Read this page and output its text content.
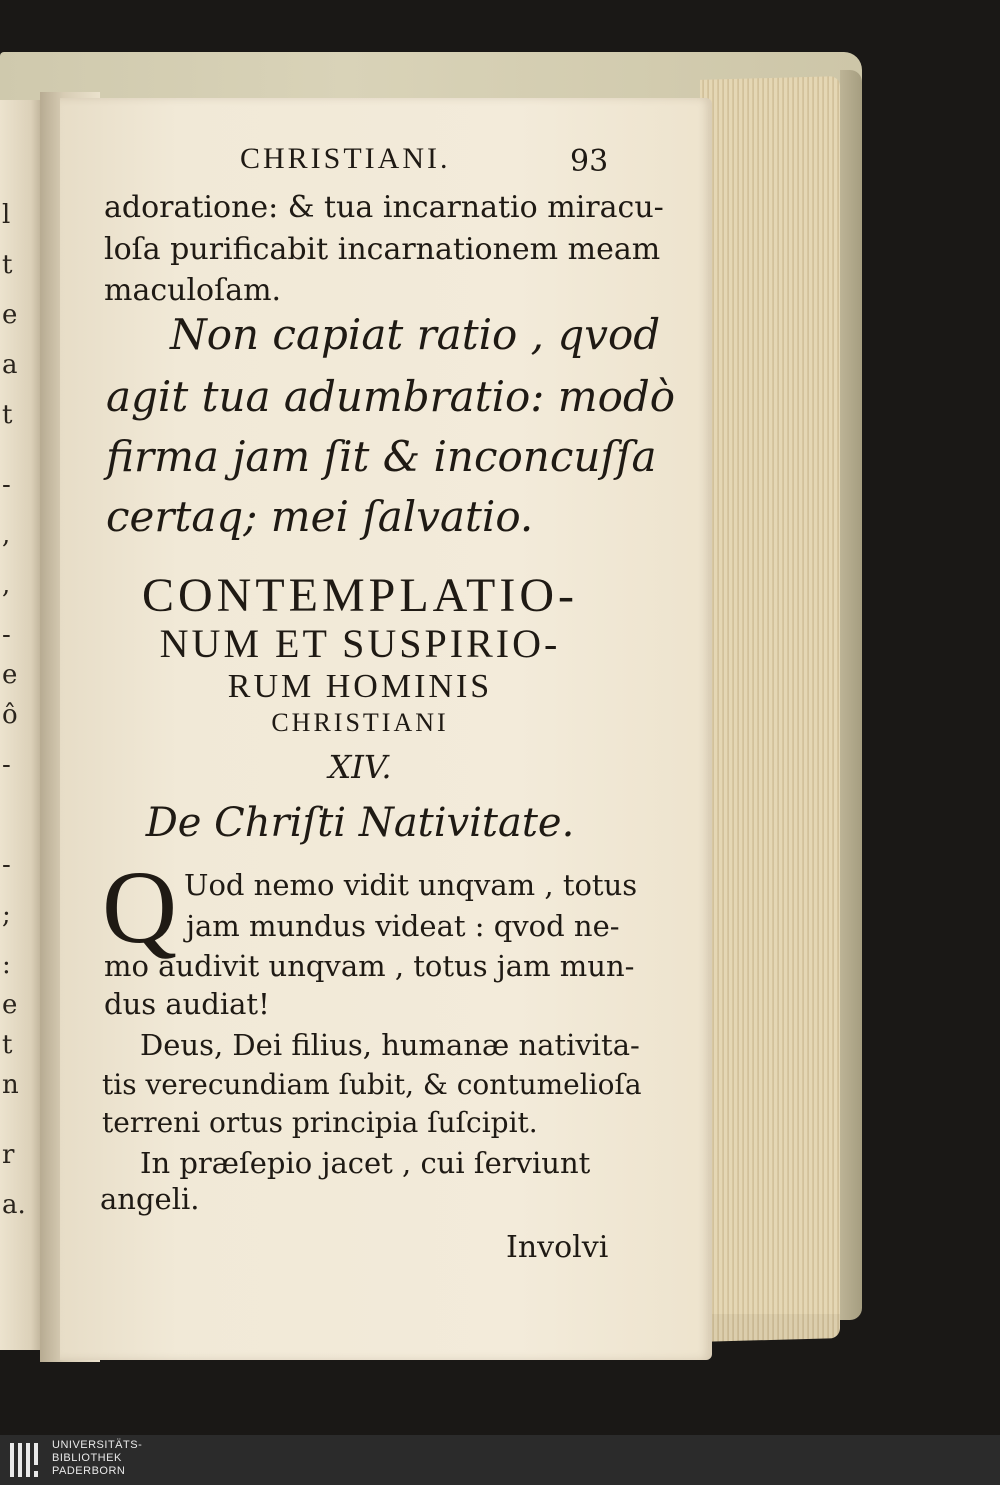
l
t
e
a
t
-
,
,
-
e
ô
-
-
;
:
e
t
n
r
a.
CHRISTIANI.	93
adoratione: & tua incarnatio miracu-
loſa purificabit incarnationem meam
maculoſam.
Non capiat ratio , qvod
agit tua adumbratio: modò
firma jam ſit & inconcuſſa
certaq; mei ſalvatio.
CONTEMPLATIO-
NUM ET SUSPIRIO-
RUM HOMINIS
CHRISTIANI
XIV.
De Chriſti Nativitate.
Q Uod nemo vidit unqvam , totus
jam mundus videat : qvod ne-
mo audivit unqvam , totus jam mun-
dus audiat!
Deus, Dei filius, humanæ nativita-
tis verecundiam ſubit, & contumelioſa
terreni ortus principia ſuſcipit.
In præſepio jacet , cui ſerviunt
angeli.
Involvi
UNIVERSITÄTS-
BIBLIOTHEK
PADERBORN
